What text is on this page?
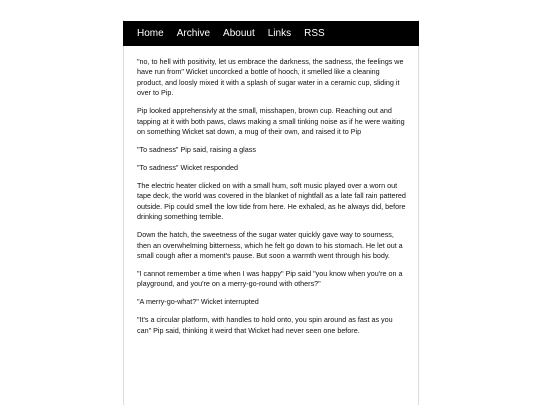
Home Archive Abouut Links RSS

"no, to hell with positivity, let us embrace the darkness, the sadness, the feelings we have run from" Wicket uncorcked a bottle of hooch, it smelled like a cleaning product, and loosly mixed it with a splash of sugar water in a ceramic cup, sliding it over to Pip.

Pip looked apprehensivly at the small, misshapen, brown cup. Reaching out and tapping at it with both paws, claws making a small tinking noise as if he were waiting on something Wicket sat down, a mug of their own, and raised it to Pip

"To sadness" Pip said, raising a glass

"To sadness" Wicket responded

The electric heater clicked on with a small hum, soft music played over a worn out tape deck, the world was covered in the blanket of nightfall as a late fall rain pattered outside. Pip could smell the low tide from here. He exhaled, as he always did, before drinking something terrible.

Down the hatch, the sweetness of the sugar water quickly gave way to sourness, then an overwhelming bitterness, which he felt go down to his stomach. He let out a small cough after a moment's pause. But soon a warmth went through his body.

"I cannot remember a time when I was happy" Pip said "you know when you're on a playground, and you're on a merry-go-round with others?"

"A merry-go-what?" Wicket interrupted

"It's a circular platform, with handles to hold onto, you spin around as fast as you can" Pip said, thinking it weird that Wicket had never seen one before.
